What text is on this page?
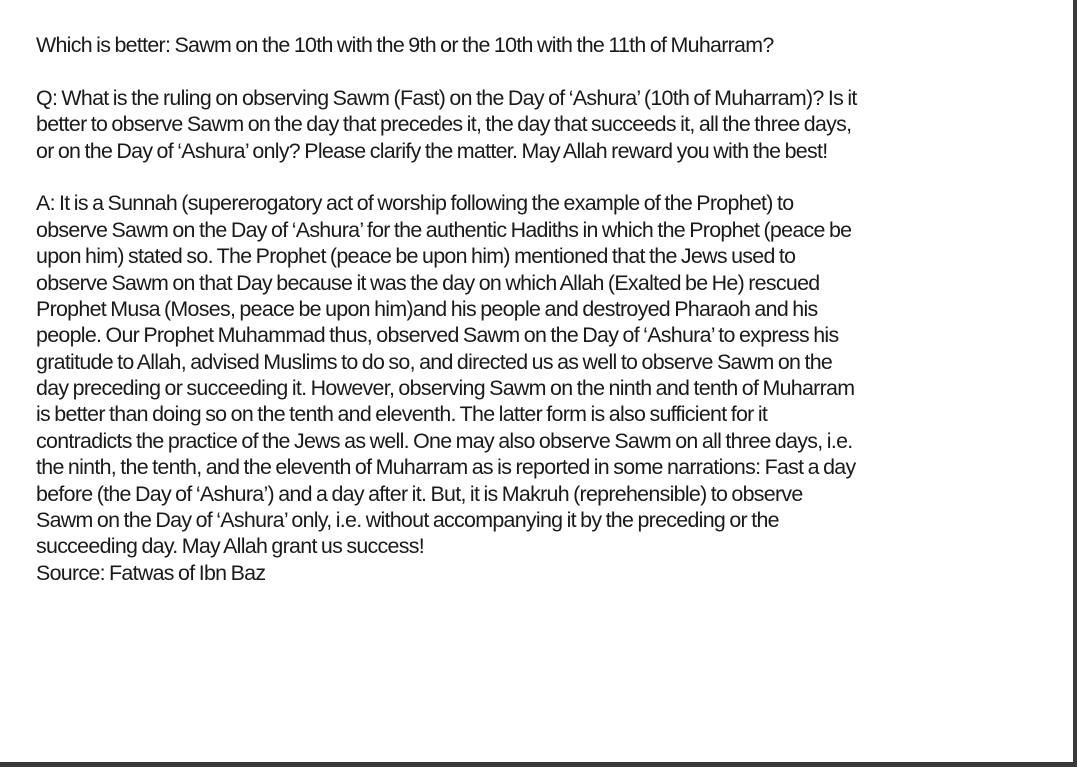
Which is better: Sawm on the 10th with the 9th or the 10th with the 11th of Muharram?
Q: What is the ruling on observing Sawm (Fast) on the Day of ‘Ashura’ (10th of Muharram)? Is it
better to observe Sawm on the day that precedes it, the day that succeeds it, all the three days,
or on the Day of ‘Ashura’ only? Please clarify the matter. May Allah reward you with the best!
A: It is a Sunnah (supererogatory act of worship following the example of the Prophet) to
observe Sawm on the Day of ‘Ashura’ for the authentic Hadiths in which the Prophet (peace be
upon him) stated so. The Prophet (peace be upon him) mentioned that the Jews used to
observe Sawm on that Day because it was the day on which Allah (Exalted be He) rescued
Prophet Musa (Moses, peace be upon him)and his people and destroyed Pharaoh and his
people. Our Prophet Muhammad thus, observed Sawm on the Day of ‘Ashura’ to express his
gratitude to Allah, advised Muslims to do so, and directed us as well to observe Sawm on the
day preceding or succeeding it. However, observing Sawm on the ninth and tenth of Muharram
is better than doing so on the tenth and eleventh. The latter form is also sufficient for it
contradicts the practice of the Jews as well. One may also observe Sawm on all three days, i.e.
the ninth, the tenth, and the eleventh of Muharram as is reported in some narrations: Fast a day
before (the Day of ‘Ashura’) and a day after it. But, it is Makruh (reprehensible) to observe
Sawm on the Day of ‘Ashura’ only, i.e. without accompanying it by the preceding or the
succeeding day. May Allah grant us success!
Source: Fatwas of Ibn Baz
